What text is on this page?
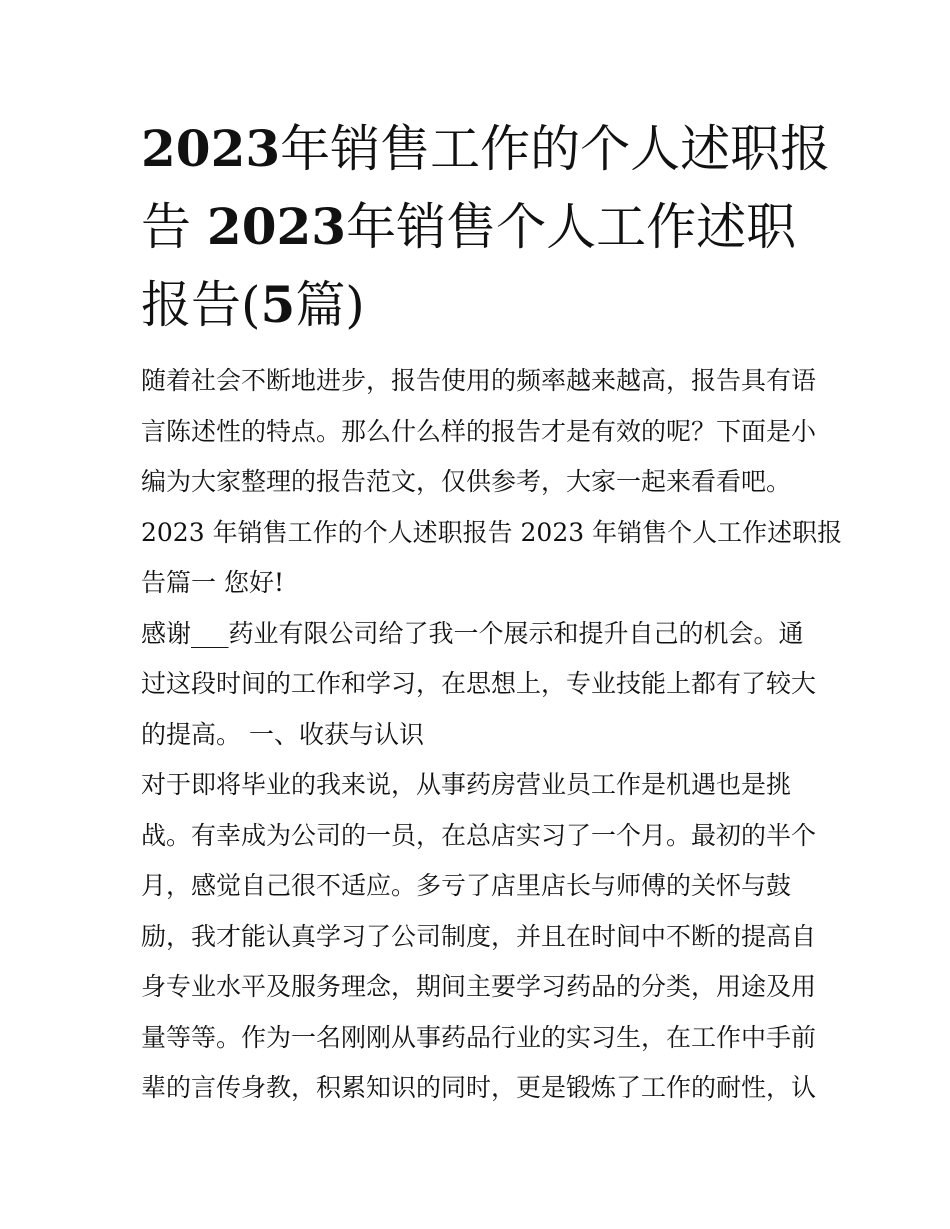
2023年销售工作的个人述职报
告 2023年销售个人工作述职
报告(5篇)
随着社会不断地进步，报告使用的频率越来越高，报告具有语
言陈述性的特点。那么什么样的报告才是有效的呢？下面是小
编为大家整理的报告范文，仅供参考，大家一起来看看吧。
2023 年销售工作的个人述职报告 2023 年销售个人工作述职报
告篇一 您好!
感谢___药业有限公司给了我一个展示和提升自己的机会。通
过这段时间的工作和学习，在思想上，专业技能上都有了较大
的提高。 一、收获与认识
对于即将毕业的我来说，从事药房营业员工作是机遇也是挑
战。有幸成为公司的一员，在总店实习了一个月。最初的半个
月，感觉自己很不适应。多亏了店里店长与师傅的关怀与鼓
励，我才能认真学习了公司制度，并且在时间中不断的提高自
身专业水平及服务理念，期间主要学习药品的分类，用途及用
量等等。作为一名刚刚从事药品行业的实习生，在工作中手前
辈的言传身教，积累知识的同时，更是锻炼了工作的耐性，认
